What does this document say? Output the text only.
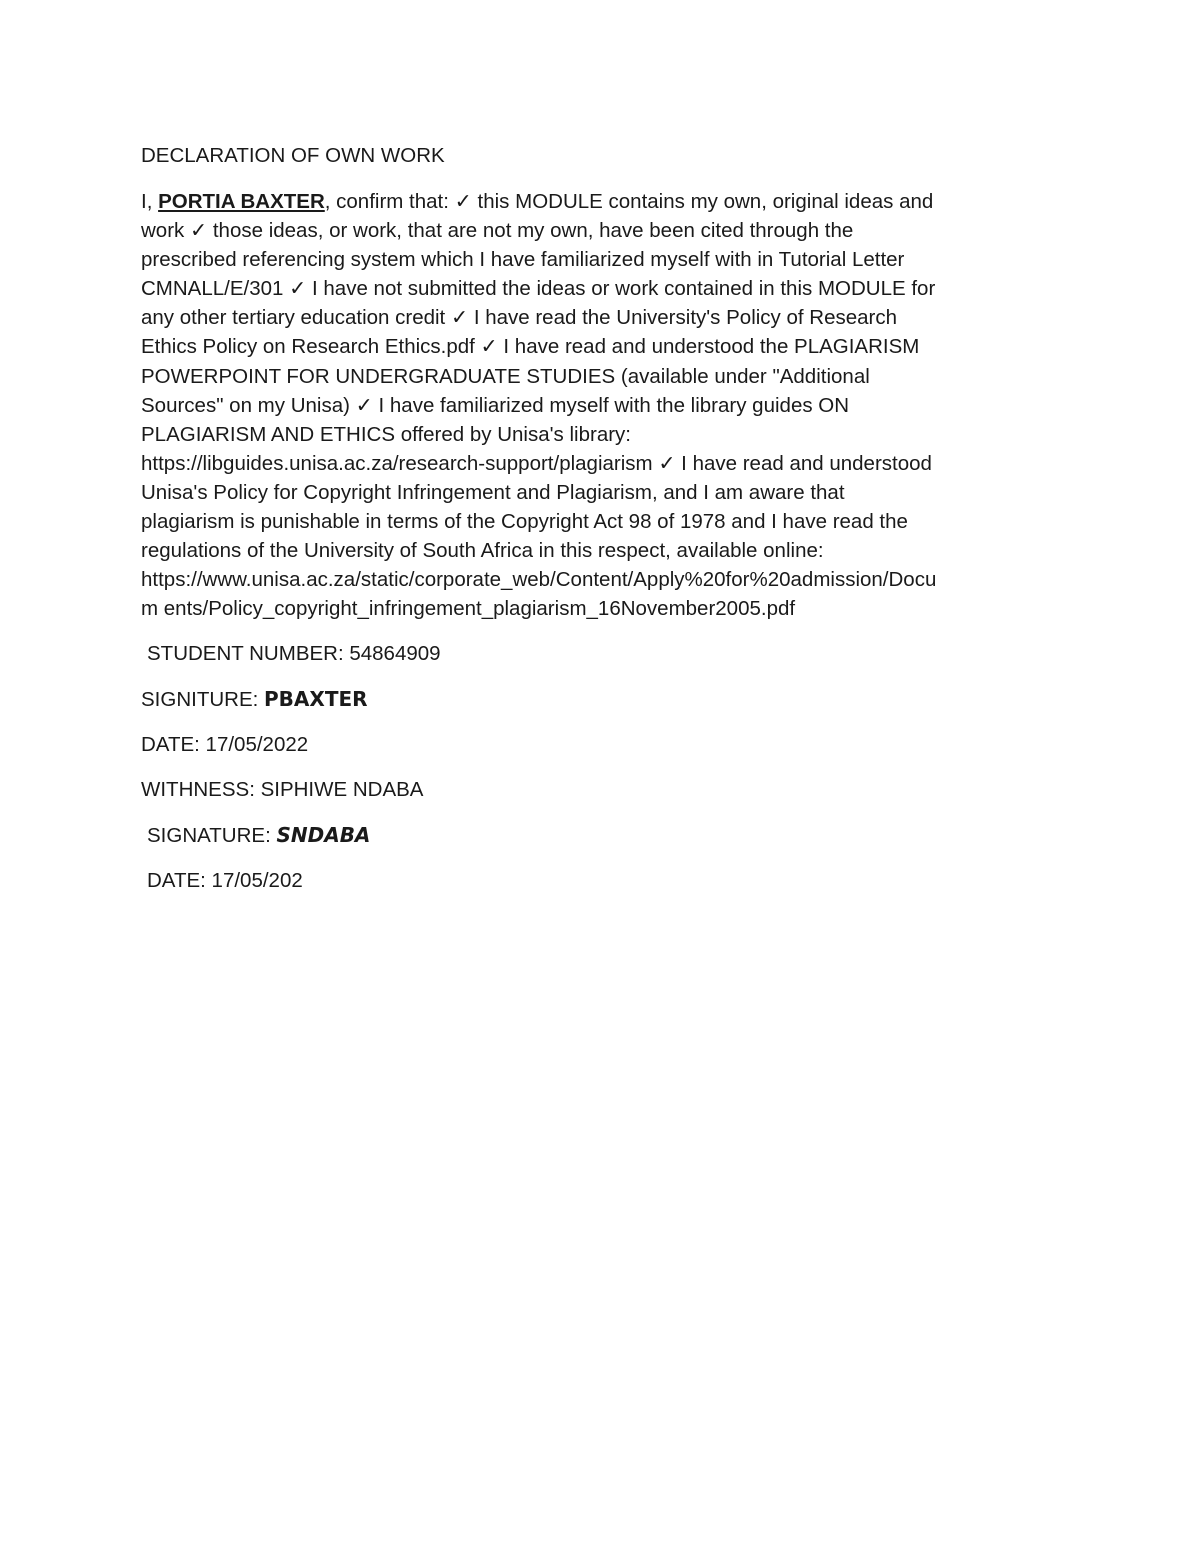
DECLARATION OF OWN WORK
I, PORTIA BAXTER, confirm that: ✓ this MODULE contains my own, original ideas and
work ✓ those ideas, or work, that are not my own, have been cited through the
prescribed referencing system which I have familiarized myself with in Tutorial Letter
CMNALL/E/301 ✓ I have not submitted the ideas or work contained in this MODULE for
any other tertiary education credit ✓ I have read the University's Policy of Research
Ethics Policy on Research Ethics.pdf ✓ I have read and understood the PLAGIARISM
POWERPOINT FOR UNDERGRADUATE STUDIES (available under "Additional
Sources" on my Unisa) ✓ I have familiarized myself with the library guides ON
PLAGIARISM AND ETHICS offered by Unisa's library:
https://libguides.unisa.ac.za/research-support/plagiarism ✓ I have read and understood
Unisa's Policy for Copyright Infringement and Plagiarism, and I am aware that
plagiarism is punishable in terms of the Copyright Act 98 of 1978 and I have read the
regulations of the University of South Africa in this respect, available online:
https://www.unisa.ac.za/static/corporate_web/Content/Apply%20for%20admission/Docu
m ents/Policy_copyright_infringement_plagiarism_16November2005.pdf
STUDENT NUMBER: 54864909
SIGNITURE: PBAXTER
DATE: 17/05/2022
WITHNESS: SIPHIWE NDABA
SIGNATURE: SNDABA
DATE: 17/05/202
